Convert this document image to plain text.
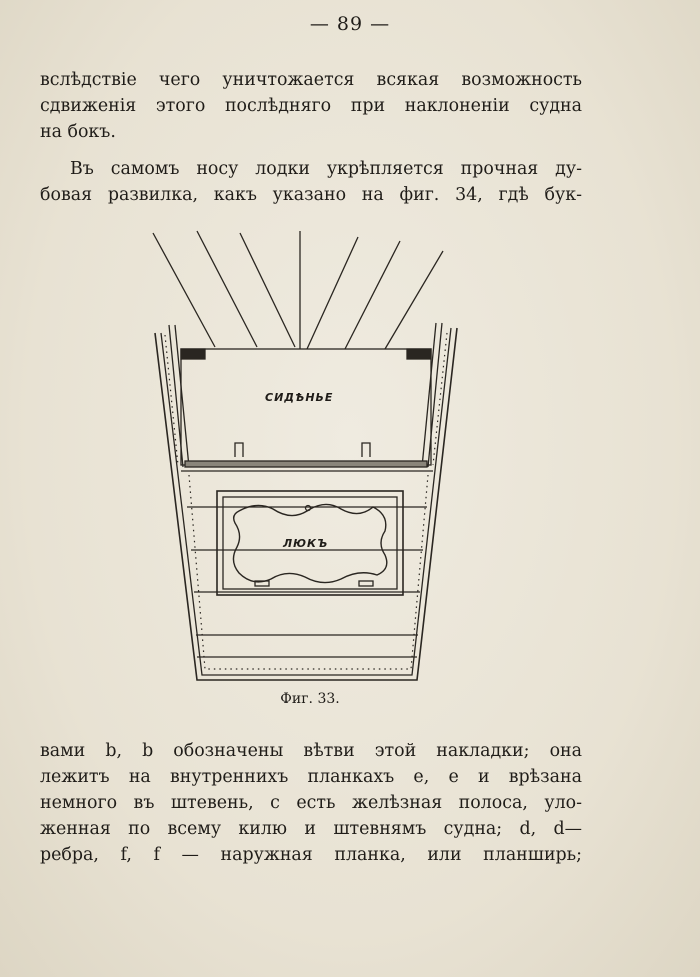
— 89 —
вслѣдствіе чего уничтожается всякая возможность
сдвиженія этого послѣдняго при наклоненіи судна
на бокъ.
Въ самомъ носу лодки укрѣпляется прочная ду-
бовая развилка, какъ указано на фиг. 34, гдѣ бук-
СИДѢНЬЕ
ЛЮКЪ
Фиг. 33.
вами b, b обозначены вѣтви этой накладки; она
лежитъ на внутреннихъ планкахъ e, e и врѣзана
немного въ штевень, c есть желѣзная полоса, уло-
женная по всему килю и штевнямъ судна; d, d—
ребра, f, f — наружная планка, или планширь;
